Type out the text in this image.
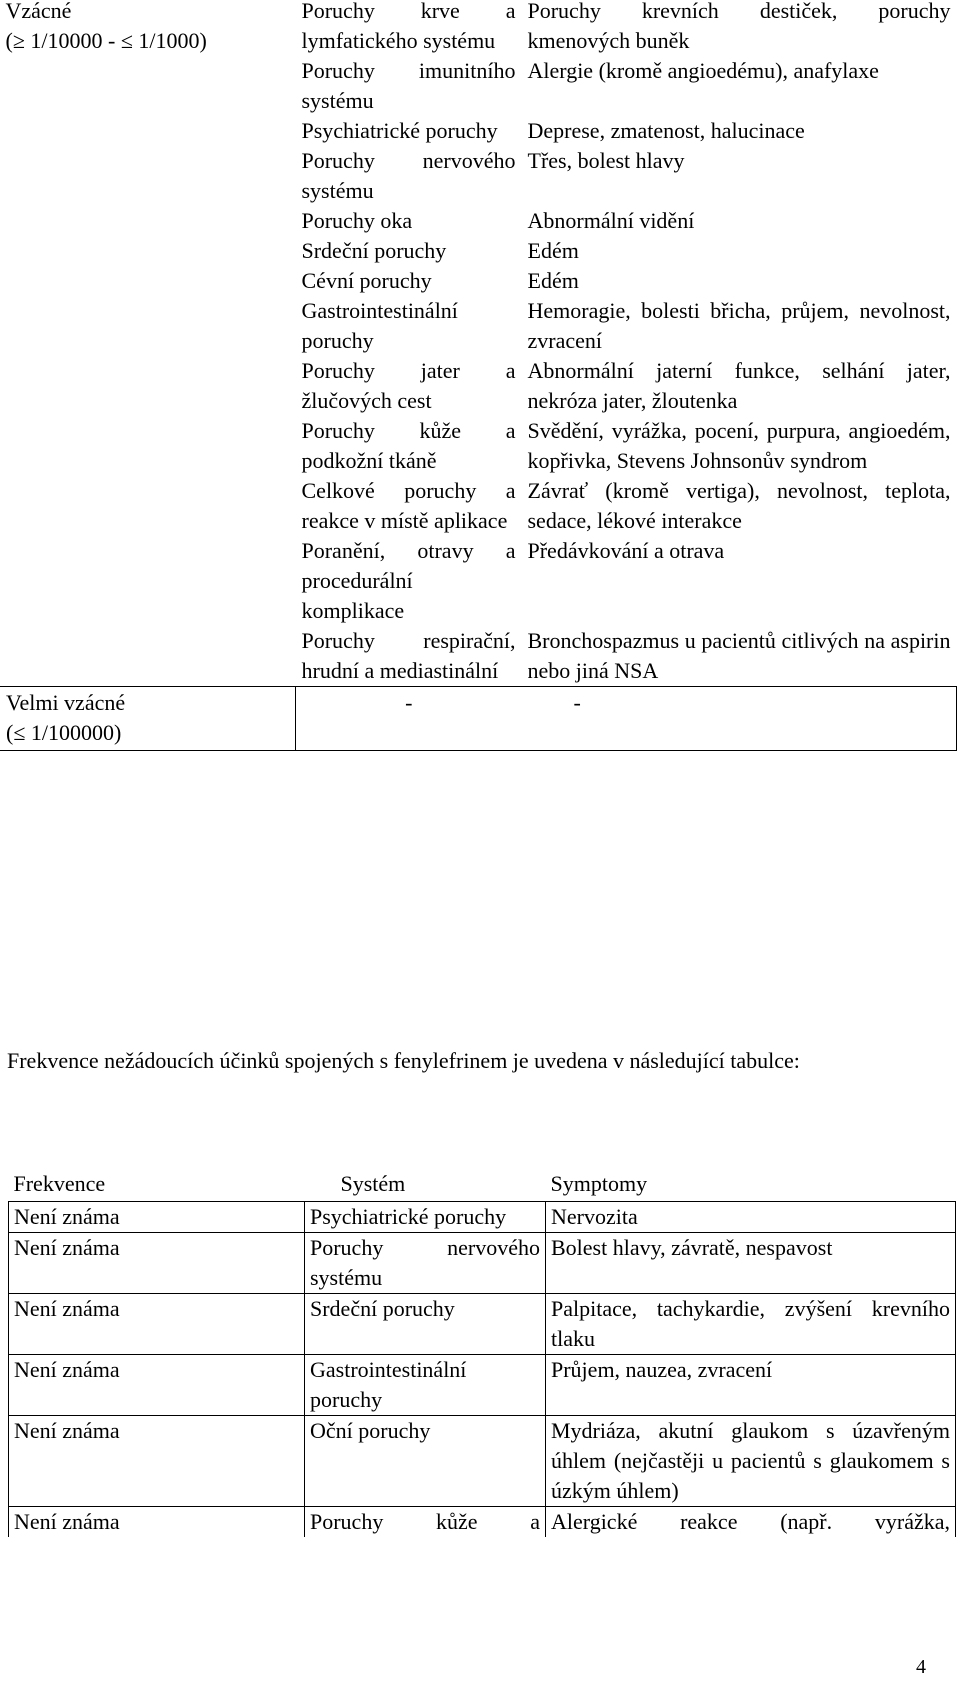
Vzácné
(≥ 1/10000 - ≤ 1/1000)	Poruchy krve a lymfatického systému	Poruchy krevních destiček, poruchy kmenových buněk
	Poruchy imunitního systému	Alergie (kromě angioedému), anafylaxe
	Psychiatrické poruchy	Deprese, zmatenost, halucinace
	Poruchy nervového systému	Třes, bolest hlavy
	Poruchy oka	Abnormální vidění
	Srdeční poruchy	Edém
	Cévní poruchy	Edém
	Gastrointestinální poruchy	Hemoragie, bolesti břicha, průjem, nevolnost, zvracení
	Poruchy jater a žlučových cest	Abnormální jaterní funkce, selhání jater, nekróza jater, žloutenka
	Poruchy kůže a podkožní tkáně	Svědění, vyrážka, pocení, purpura, angioedém, kopřivka, Stevens Johnsonův syndrom
	Celkové poruchy a reakce v místě aplikace	Závrať (kromě vertiga), nevolnost, teplota, sedace, lékové interakce
	Poranění, otravy a procedurální komplikace	Předávkování a otrava
	Poruchy respirační, hrudní a mediastinální	Bronchospazmus u pacientů citlivých na aspirin nebo jiná NSA

Velmi vzácné
(≤ 1/100000)	-	-

Frekvence nežádoucích účinků spojených s fenylefrinem je uvedena v následující tabulce:

Frekvence	Systém	Symptomy
Není známa	Psychiatrické poruchy	Nervozita
Není známa	Poruchy nervového systému	Bolest hlavy, závratě, nespavost
Není známa	Srdeční poruchy	Palpitace, tachykardie, zvýšení krevního tlaku
Není známa	Gastrointestinální poruchy	Průjem, nauzea, zvracení
Není známa	Oční poruchy	Mydriáza, akutní glaukom s úzavřeným úhlem (nejčastěji u pacientů s glaukomem s úzkým úhlem)
Není známa	Poruchy kůže a	Alergické reakce (např. vyrážka,
4
